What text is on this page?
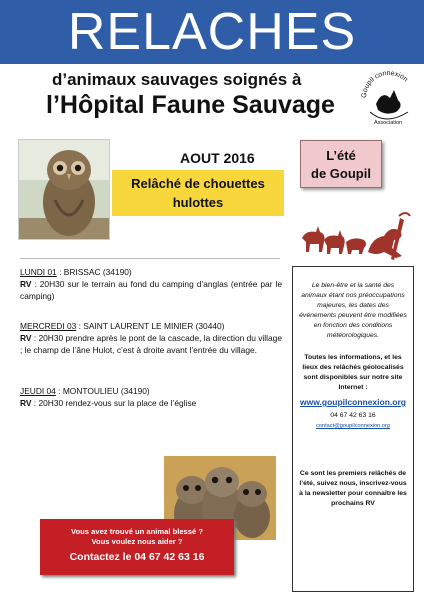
RELACHES
d’animaux sauvages soignés à
l’Hôpital Faune Sauvage	Goupil connexion
Association
AOUT 2016
Relâché de chouettes
hulottes
L’été
de Goupil
LUNDI 01 : BRISSAC (34190)
RV : 20H30 sur le terrain au fond du camping d’anglas (entrée par le camping)
MERCREDI 03 : SAINT LAURENT LE MINIER (30440)
RV : 20H30 prendre après le pont de la cascade, la direction du village ; le champ de l’âne Hulot, c’est à droite avant l’entrée du village.
JEUDI 04 : MONTOULIEU (34190)
RV : 20H30 rendez-vous sur la place de l’église
Le bien-être et la santé des animaux étant nos préoccupations majeures, les dates des événements peuvent être modifiées en fonction des conditions météorologiques.
Toutes les informations, et les lieux des relâchés géolocalisés sont disponibles sur notre site Internet :
www.goupilconnexion.org
04 67 42 63 16
contact@goupilconnexion.org
Ce sont les premiers relâchés de l’été, suivez nous, inscrivez-vous à la newsletter pour connaître les prochains RV
Vous avez trouvé un animal blessé ?
Vous voulez nous aider ?
Contactez le 04 67 42 63 16
